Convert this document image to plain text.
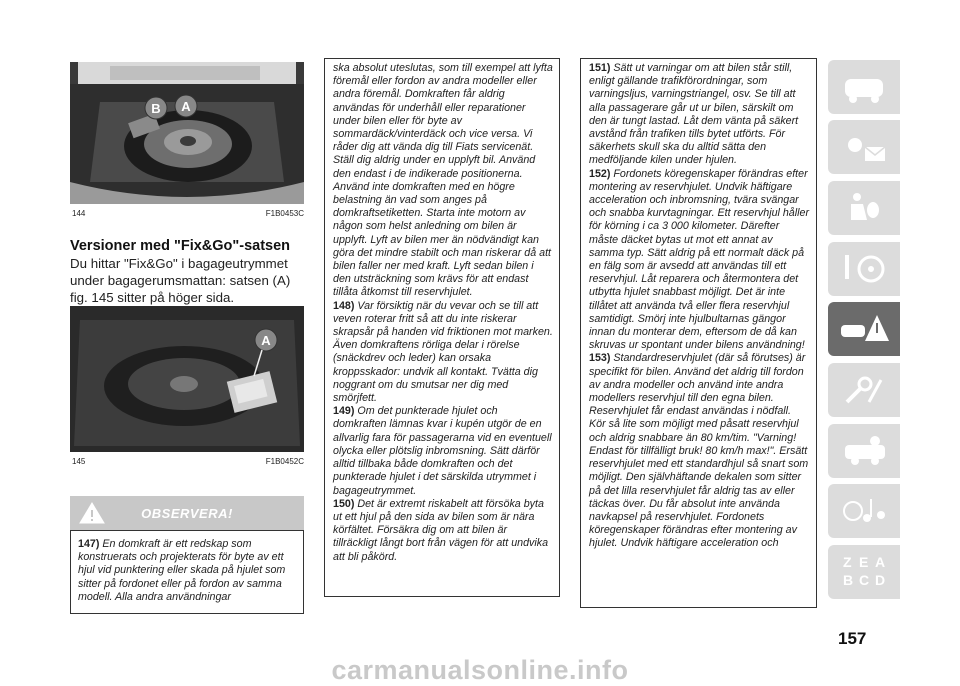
B A
144	F1B0453C
Versioner med "Fix&Go"-satsen
Du hittar "Fix&Go" i bagageutrymmet under bagagerumsmattan: satsen (A) fig. 145 sitter på höger sida.
A
145	F1B0452C
OBSERVERA!

147) En domkraft är ett redskap som konstruerats och projekterats för byte av ett hjul vid punktering eller skada på hjulet som sitter på fordonet eller på fordon av samma modell. Alla andra användningar

ska absolut uteslutas, som till exempel att lyfta föremål eller fordon av andra modeller eller andra föremål. Domkraften får aldrig användas för underhåll eller reparationer under bilen eller för byte av sommardäck/vinterdäck och vice versa. Vi råder dig att vända dig till Fiats servicenät. Ställ dig aldrig under en upplyft bil. Använd den endast i de indikerade positionerna. Använd inte domkraften med en högre belastning än vad som anges på domkraftsetiketten. Starta inte motorn av någon som helst anledning om bilen är upplyft. Lyft av bilen mer än nödvändigt kan göra det mindre stabilt och man riskerar då att bilen faller ner med kraft. Lyft sedan bilen i den utsträckning som krävs för att endast tillåta åtkomst till reservhjulet.

148) Var försiktig när du vevar och se till att veven roterar fritt så att du inte riskerar skrapsår på handen vid friktionen mot marken. Även domkraftens rörliga delar i rörelse (snäckdrev och leder) kan orsaka kroppsskador: undvik all kontakt. Tvätta dig noggrant om du smutsar ner dig med smörjfett.

149) Om det punkterade hjulet och domkraften lämnas kvar i kupén utgör de en allvarlig fara för passagerarna vid en eventuell olycka eller plötslig inbromsning. Sätt därför alltid tillbaka både domkraften och det punkterade hjulet i det särskilda utrymmet i bagageutrymmet.

150) Det är extremt riskabelt att försöka byta ut ett hjul på den sida av bilen som är nära körfältet. Försäkra dig om att bilen är tillräckligt långt bort från vägen för att undvika att bli påkörd.

151) Sätt ut varningar om att bilen står still, enligt gällande trafikförordningar, som varningsljus, varningstriangel, osv. Se till att alla passagerare går ut ur bilen, särskilt om den är tungt lastad. Låt dem vänta på säkert avstånd från trafiken tills bytet utförts. För säkerhets skull ska du alltid sätta den medföljande kilen under hjulen.

152) Fordonets köregenskaper förändras efter montering av reservhjulet. Undvik häftigare acceleration och inbromsning, tvära svängar och snabba kurvtagningar. Ett reservhjul håller för körning i ca 3 000 kilometer. Därefter måste däcket bytas ut mot ett annat av samma typ. Sätt aldrig på ett normalt däck på en fälg som är avsedd att användas till ett reservhjul. Låt reparera och återmontera det utbytta hjulet snabbast möjligt. Det är inte tillåtet att använda två eller flera reservhjul samtidigt. Smörj inte hjulbultarnas gängor innan du monterar dem, eftersom de då kan skruvas ur spontant under bilens användning!

153) Standardreservhjulet (där så förutses) är specifikt för bilen. Använd det aldrig till fordon av andra modeller och använd inte andra modellers reservhjul till den egna bilen. Reservhjulet får endast användas i nödfall. Kör så lite som möjligt med påsatt reservhjul och aldrig snabbare än 80 km/tim. "Varning! Endast för tillfälligt bruk! 80 km/h max!". Ersätt reservhjulet med ett standardhjul så snart som möjligt. Den självhäftande dekalen som sitter på det lilla reservhjulet får aldrig tas av eller täckas över. Du får absolut inte använda navkapsel på reservhjulet. Fordonets köregenskaper förändras efter montering av hjulet. Undvik häftigare acceleration och

Z E A
B C D
157
carmanualsonline.info
